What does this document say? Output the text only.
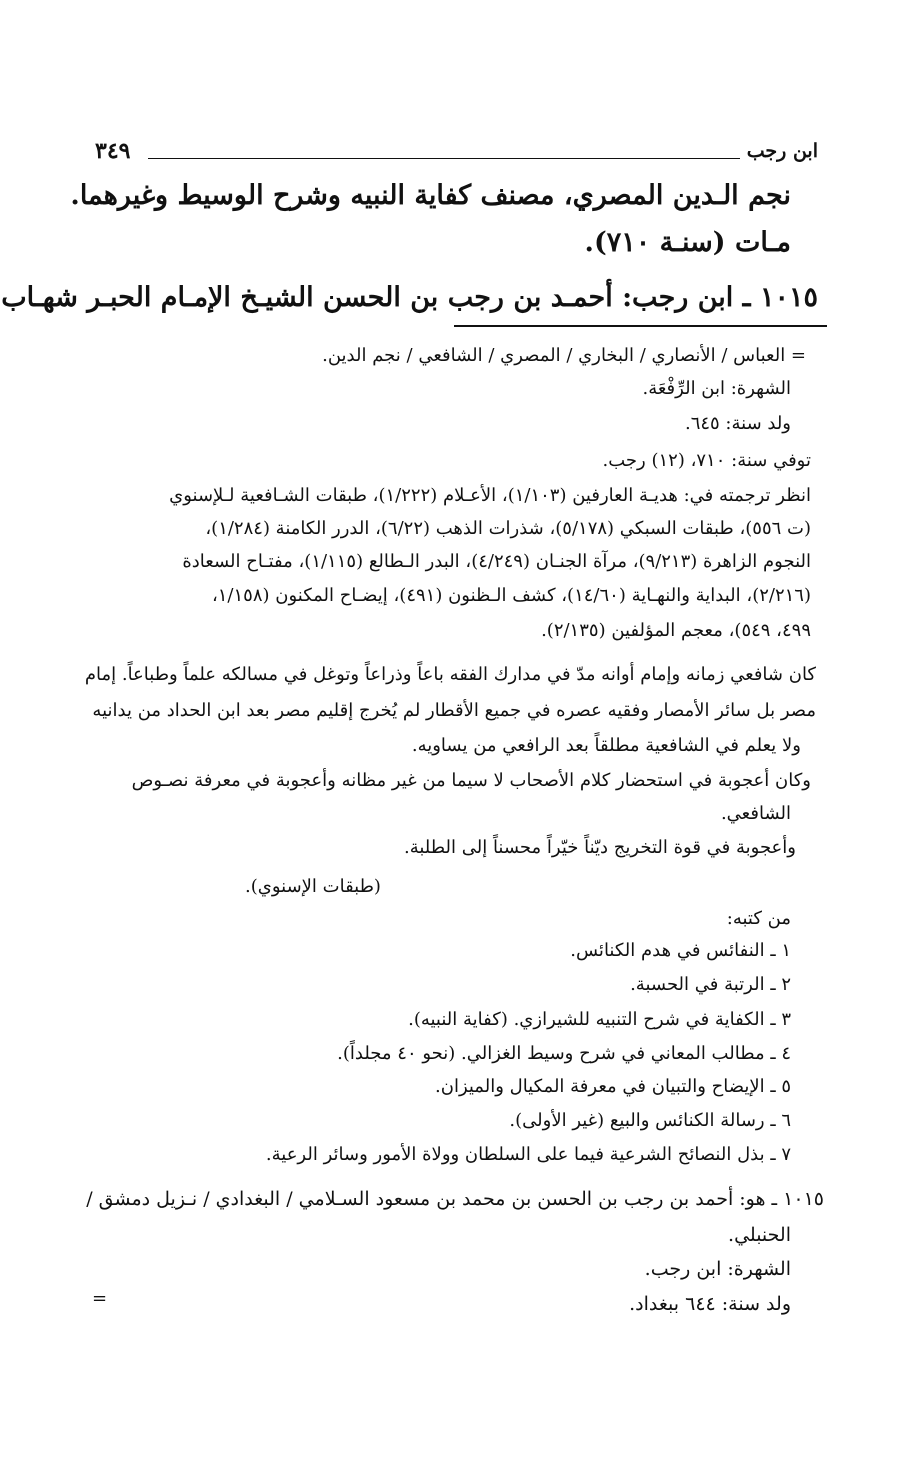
ابن رجب
٣٤٩
نجم الـدين المصري، مصنف كفاية النبيه وشرح الوسيط وغيرهما.
مـات (سنـة ٧١٠).
١٠١٥ ـ ابن رجب: أحمـد بن رجب بن الحسن الشيـخ الإمـام الحبـر شهـاب
= العباس / الأنصاري / البخاري / المصري / الشافعي / نجم الدين.
الشهرة: ابن الرِّفْعَة.
ولد سنة: ٦٤٥.
توفي سنة: ٧١٠، (١٢) رجب.
انظر ترجمته في: هديـة العارفين (١/١٠٣)، الأعـلام (١/٢٢٢)، طبقات الشـافعية لـلإسنوي
(ت ٥٥٦)، طبقات السبكي (٥/١٧٨)، شذرات الذهب (٦/٢٢)، الدرر الكامنة (١/٢٨٤)،
النجوم الزاهرة (٩/٢١٣)، مرآة الجنـان (٤/٢٤٩)، البدر الـطالع (١/١١٥)، مفتـاح السعادة
(٢/٢١٦)، البداية والنهـاية (١٤/٦٠)، كشف الـظنون (٤٩١)، إيضـاح المكنون (١/١٥٨،
٤٩٩، ٥٤٩)، معجم المؤلفين (٢/١٣٥).
كان شافعي زمانه وإمام أوانه مدّ في مدارك الفقه باعاً وذراعاً وتوغل في مسالكه علماً وطباعاً. إمام
مصر بل سائر الأمصار وفقيه عصره في جميع الأقطار لم يُخرج إقليم مصر بعد ابن الحداد من يدانيه
ولا يعلم في الشافعية مطلقاً بعد الرافعي من يساويه.
وكان أعجوبة في استحضار كلام الأصحاب لا سيما من غير مظانه وأعجوبة في معرفة نصـوص
الشافعي.
وأعجوبة في قوة التخريج ديّناً خيّراً محسناً إلى الطلبة.
(طبقات الإسنوي).
من كتبه:
١ ـ النفائس في هدم الكنائس.
٢ ـ الرتبة في الحسبة.
٣ ـ الكفاية في شرح التنبيه للشيرازي. (كفاية النبيه).
٤ ـ مطالب المعاني في شرح وسيط الغزالي. (نحو ٤٠ مجلداً).
٥ ـ الإيضاح والتبيان في معرفة المكيال والميزان.
٦ ـ رسالة الكنائس والبيع (غير الأولى).
٧ ـ بذل النصائح الشرعية فيما على السلطان وولاة الأمور وسائر الرعية.
١٠١٥ ـ هو: أحمد بن رجب بن الحسن بن محمد بن مسعود السـلامي / البغدادي / نـزيل دمشق /
الحنبلي.
الشهرة: ابن رجب.
ولد سنة: ٦٤٤ ببغداد.
=
